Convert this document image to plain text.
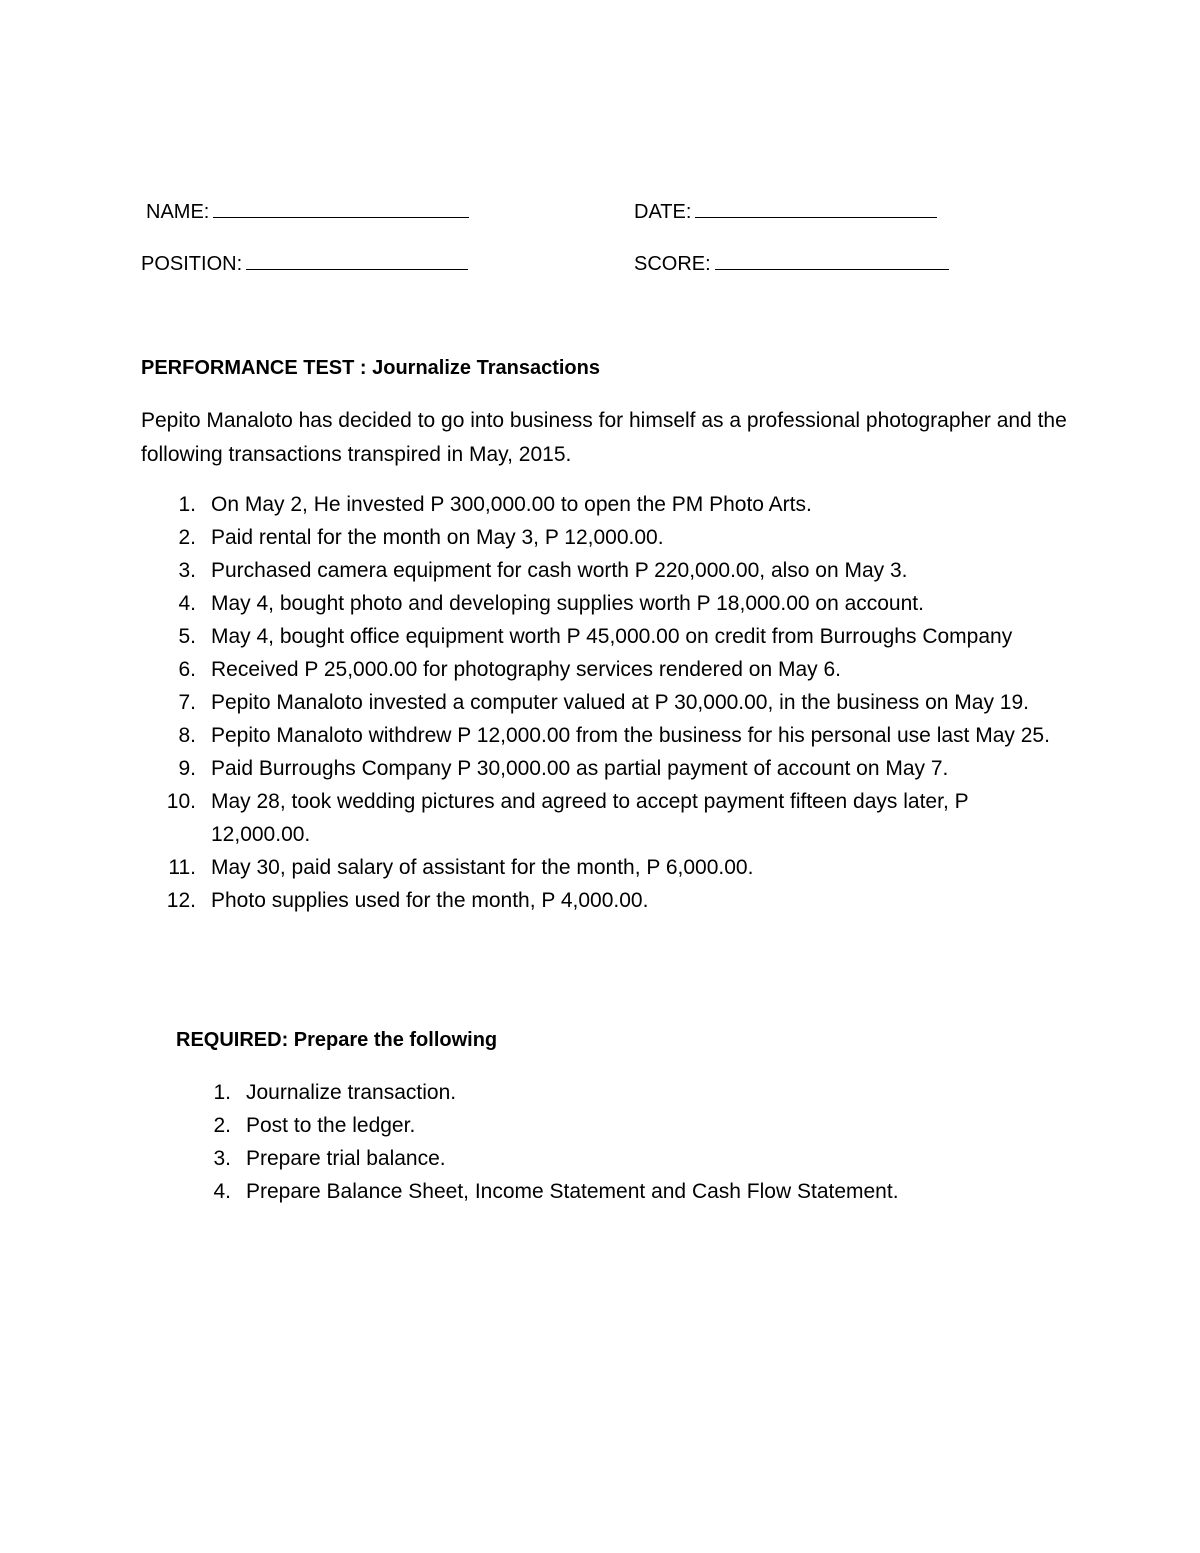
NAME:	DATE:
POSITION:	SCORE:
PERFORMANCE TEST : Journalize Transactions
Pepito Manaloto has decided to go into business for himself as a professional photographer and the following transactions transpired in May, 2015.
1. On May 2, He invested P 300,000.00 to open the PM Photo Arts.
2. Paid rental for the month on May 3, P 12,000.00.
3. Purchased camera equipment for cash worth P 220,000.00, also on May 3.
4. May 4, bought photo and developing supplies worth P 18,000.00 on account.
5. May 4, bought office equipment worth P 45,000.00 on credit from Burroughs Company
6. Received P 25,000.00 for photography services rendered on May 6.
7. Pepito Manaloto invested a computer valued at P 30,000.00, in the business on May 19.
8. Pepito Manaloto withdrew P 12,000.00 from the business for his personal use last May 25.
9. Paid Burroughs Company P 30,000.00 as partial payment of account on May 7.
10. May 28, took wedding pictures and agreed to accept payment fifteen days later, P 12,000.00.
11. May 30, paid salary of assistant for the month, P 6,000.00.
12. Photo supplies used for the month, P 4,000.00.
REQUIRED: Prepare the following
1. Journalize transaction.
2. Post to the ledger.
3. Prepare trial balance.
4. Prepare Balance Sheet, Income Statement and Cash Flow Statement.
